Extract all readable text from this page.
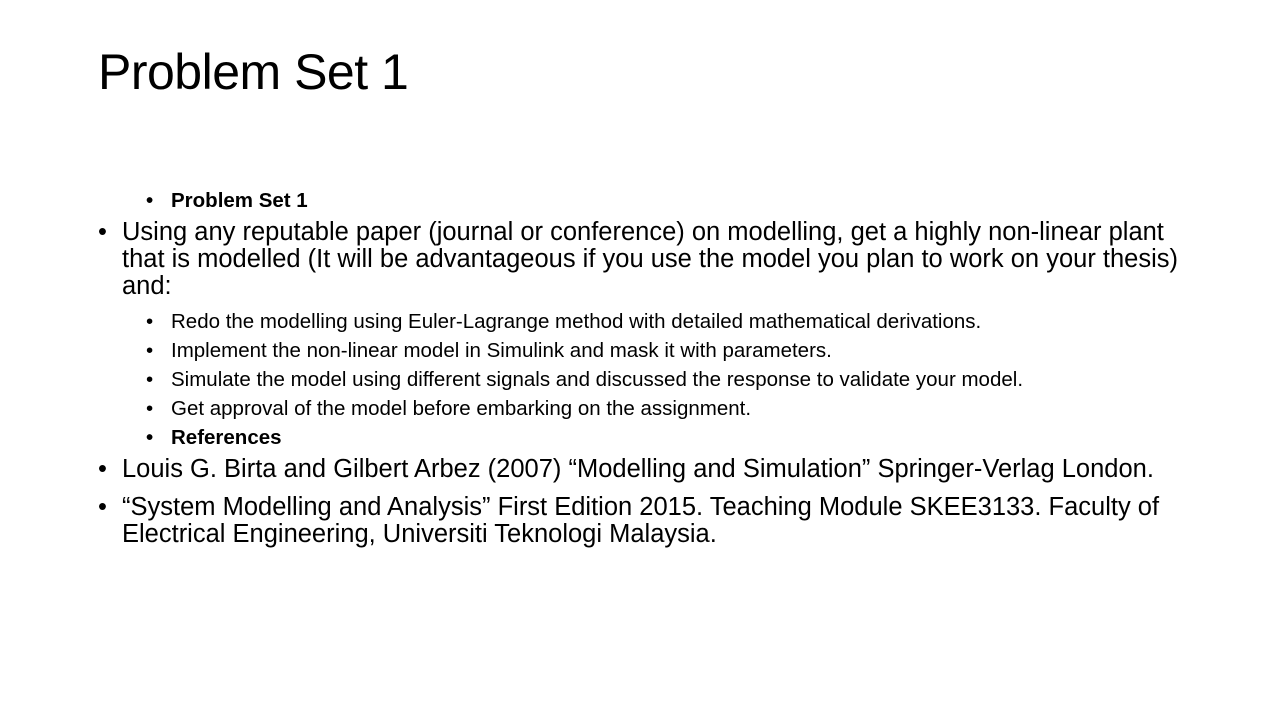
Problem Set 1
• Problem Set 1
• Using any reputable paper (journal or conference) on modelling, get a highly non-linear plant that is modelled (It will be advantageous if you use the model you plan to work on your thesis) and:
• Redo the modelling using Euler-Lagrange method with detailed mathematical derivations.
• Implement the non-linear model in Simulink and mask it with parameters.
• Simulate the model using different signals and discussed the response to validate your model.
• Get approval of the model before embarking on the assignment.
• References
• Louis G. Birta and Gilbert Arbez (2007) “Modelling and Simulation” Springer-Verlag London.
• “System Modelling and Analysis” First Edition 2015. Teaching Module SKEE3133. Faculty of Electrical Engineering, Universiti Teknologi Malaysia.
